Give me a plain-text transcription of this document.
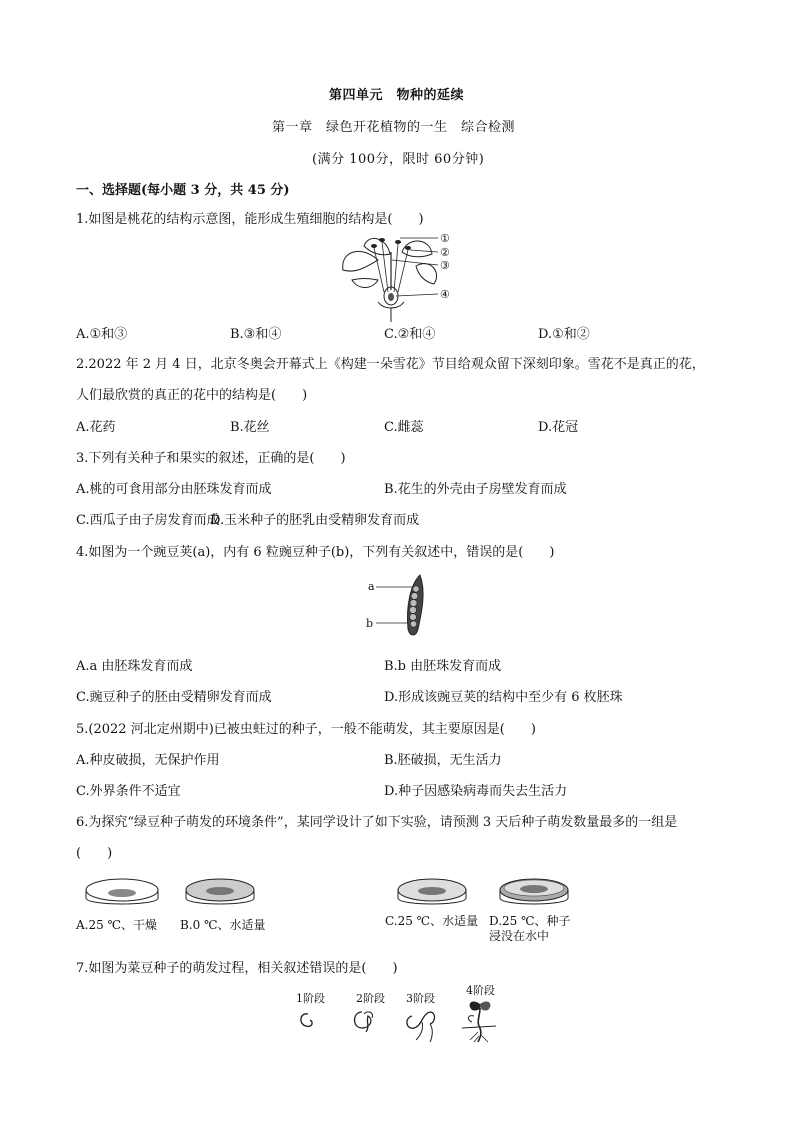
第四单元　物种的延续
第一章　绿色开花植物的一生　综合检测
(满分 100分，限时 60分钟)
一、选择题(每小题 3 分，共 45 分)
1.如图是桃花的结构示意图，能形成生殖细胞的结构是(　　)
①
②
③
④
A.①和③	B.③和④	C.②和④	D.①和②
2.2022 年 2 月 4 日，北京冬奥会开幕式上《构建一朵雪花》节目给观众留下深刻印象。雪花不是真正的花，
人们最欣赏的真正的花中的结构是(　　)
A.花药	B.花丝	C.雌蕊	D.花冠
3.下列有关种子和果实的叙述，正确的是(　　)
A.桃的可食用部分由胚珠发育而成	B.花生的外壳由子房壁发育而成
C.西瓜子由子房发育而成
D.玉米种子的胚乳由受精卵发育而成
4.如图为一个豌豆荚(a)，内有 6 粒豌豆种子(b)，下列有关叙述中，错误的是(　　)
a
b
A.a 由胚珠发育而成	B.b 由胚珠发育而成
C.豌豆种子的胚由受精卵发育而成	D.形成该豌豆荚的结构中至少有 6 枚胚珠
5.(2022 河北定州期中)已被虫蛀过的种子，一般不能萌发，其主要原因是(　　)
A.种皮破损，无保护作用	B.胚破损，无生活力
C.外界条件不适宜	D.种子因感染病毒而失去生活力
6.为探究“绿豆种子萌发的环境条件”，某同学设计了如下实验，请预测 3 天后种子萌发数量最多的一组是
(　　)
A.25 ℃、干燥 B.0 ℃、水适量	C.25 ℃、水适量 D.25 ℃、种子
浸没在水中
7.如图为菜豆种子的萌发过程，相关叙述错误的是(　　)
1阶段	2阶段 3阶段
4阶段
